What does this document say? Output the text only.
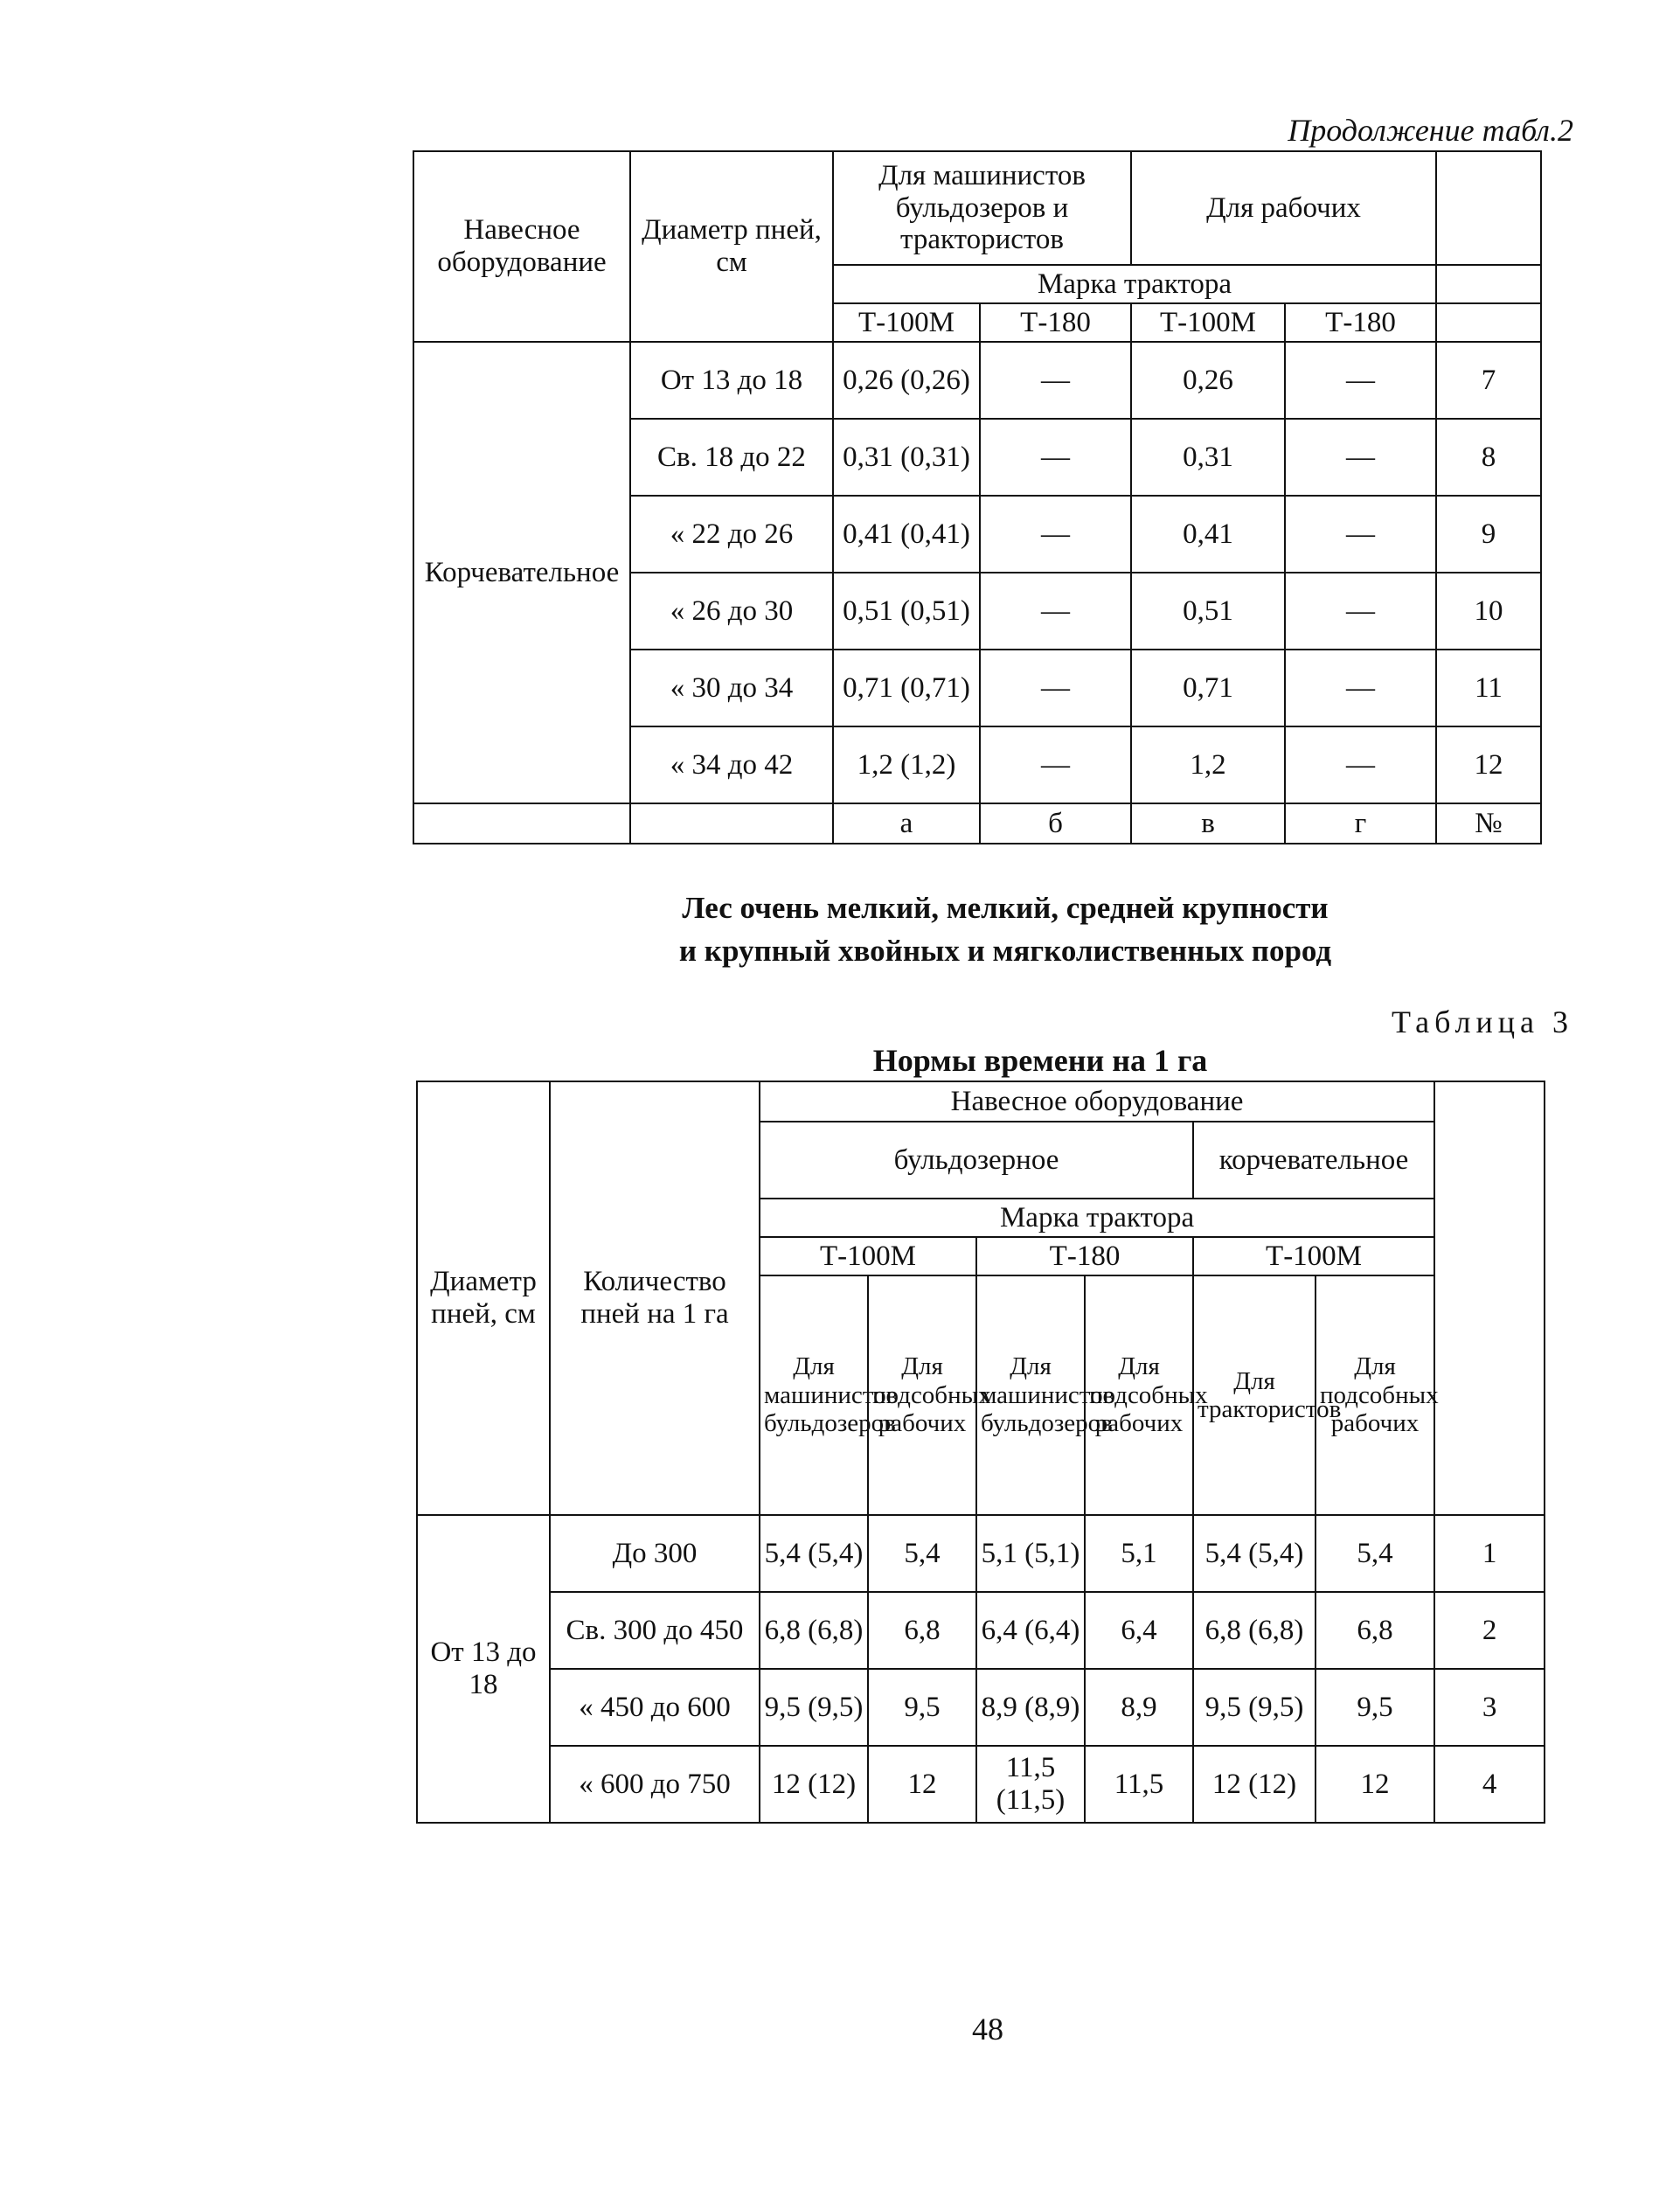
Продолжение табл.2
Навесное оборудование	Диаметр пней, см	Для машинистов бульдозеров и трактористов		Для рабочих		
		Марка трактора				
		Т-100М	Т-180	Т-100М	Т-180	
Корчевательное	От 13 до 18	0,26 (0,26)	—	0,26	—	7
	Св. 18 до 22	0,31 (0,31)	—	0,31	—	8
	« 22 до 26	0,41 (0,41)	—	0,41	—	9
	« 26 до 30	0,51 (0,51)	—	0,51	—	10
	« 30 до 34	0,71 (0,71)	—	0,71	—	11
	« 34 до 42	1,2 (1,2)	—	1,2	—	12
		а	б	в	г	№
Лес очень мелкий, мелкий, средней крупности
и крупный хвойных и мягколиственных пород
Таблица 3
Нормы времени на 1 га
Диаметр пней, см	Количество пней на 1 га	Навесное оборудование						
		бульдозерное				корчевательное		
		Марка трактора						
		Т-100М		Т-180		Т-100М		
		Для машинистов бульдозеров	Для подсобных рабочих	Для машинистов бульдозеров	Для подсобных рабочих	Для трактористов	Для подсобных рабочих	
От 13 до 18	До 300	5,4 (5,4)	5,4	5,1 (5,1)	5,1	5,4 (5,4)	5,4	1
	Св. 300 до 450	6,8 (6,8)	6,8	6,4 (6,4)	6,4	6,8 (6,8)	6,8	2
	« 450 до 600	9,5 (9,5)	9,5	8,9 (8,9)	8,9	9,5 (9,5)	9,5	3
	« 600 до 750	12 (12)	12	11,5 (11,5)	11,5	12 (12)	12	4
48
